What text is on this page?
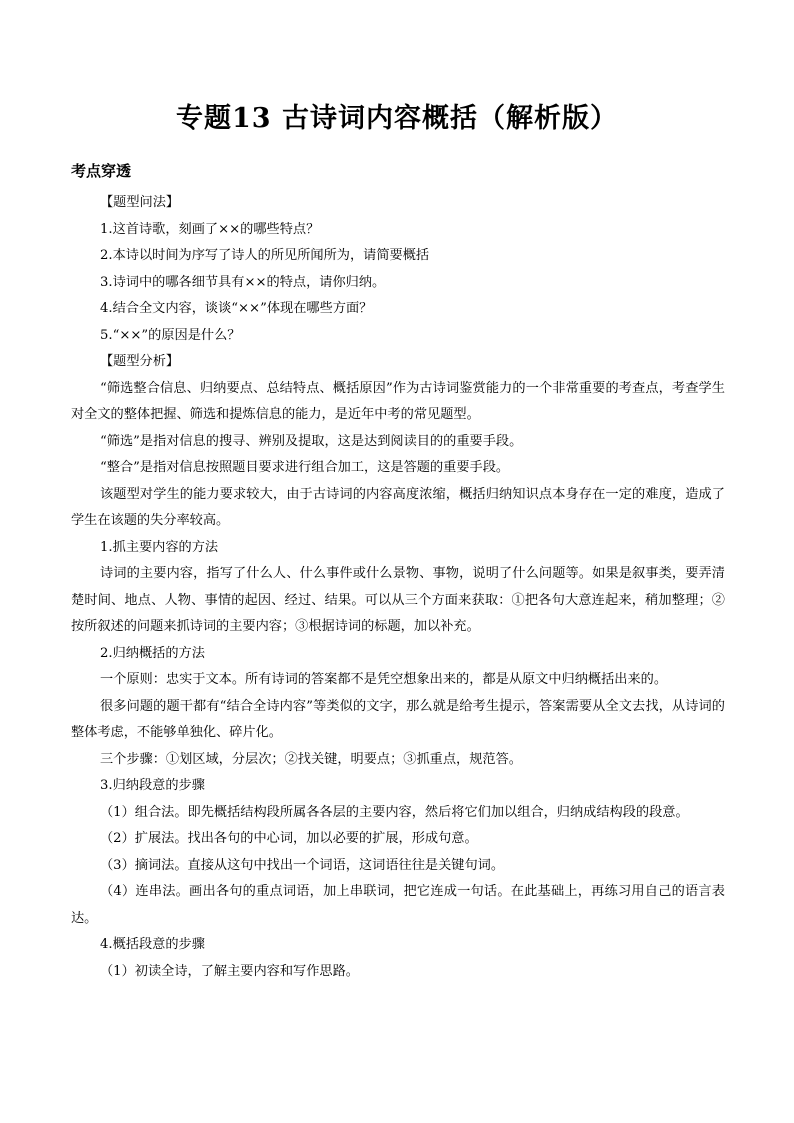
专题13 古诗词内容概括（解析版）
考点穿透
【题型问法】
1.这首诗歌，刻画了××的哪些特点？
2.本诗以时间为序写了诗人的所见所闻所为，请简要概括
3.诗词中的哪各细节具有××的特点，请你归纳。
4.结合全文内容，谈谈“××”体现在哪些方面？
5.“××”的原因是什么？
【题型分析】
“筛选整合信息、归纳要点、总结特点、概括原因”作为古诗词鉴赏能力的一个非常重要的考查点，考查学生对全文的整体把握、筛选和提炼信息的能力，是近年中考的常见题型。
“筛选”是指对信息的搜寻、辨别及提取，这是达到阅读目的的重要手段。
“整合”是指对信息按照题目要求进行组合加工，这是答题的重要手段。
该题型对学生的能力要求较大，由于古诗词的内容高度浓缩，概括归纳知识点本身存在一定的难度，造成了学生在该题的失分率较高。
1.抓主要内容的方法
诗词的主要内容，指写了什么人、什么事件或什么景物、事物，说明了什么问题等。如果是叙事类，要弄清楚时间、地点、人物、事情的起因、经过、结果。可以从三个方面来获取：①把各句大意连起来，稍加整理；②按所叙述的问题来抓诗词的主要内容；③根据诗词的标题，加以补充。
2.归纳概括的方法
一个原则：忠实于文本。所有诗词的答案都不是凭空想象出来的，都是从原文中归纳概括出来的。
很多问题的题干都有“结合全诗内容”等类似的文字，那么就是给考生提示，答案需要从全文去找，从诗词的整体考虑，不能够单独化、碎片化。
三个步骤：①划区域，分层次；②找关键，明要点；③抓重点，规范答。
3.归纳段意的步骤
（1）组合法。即先概括结构段所属各各层的主要内容，然后将它们加以组合，归纳成结构段的段意。
（2）扩展法。找出各句的中心词，加以必要的扩展，形成句意。
（3）摘词法。直接从这句中找出一个词语，这词语往往是关键句词。
（4）连串法。画出各句的重点词语，加上串联词，把它连成一句话。在此基础上，再练习用自己的语言表达。
4.概括段意的步骤
（1）初读全诗，了解主要内容和写作思路。
